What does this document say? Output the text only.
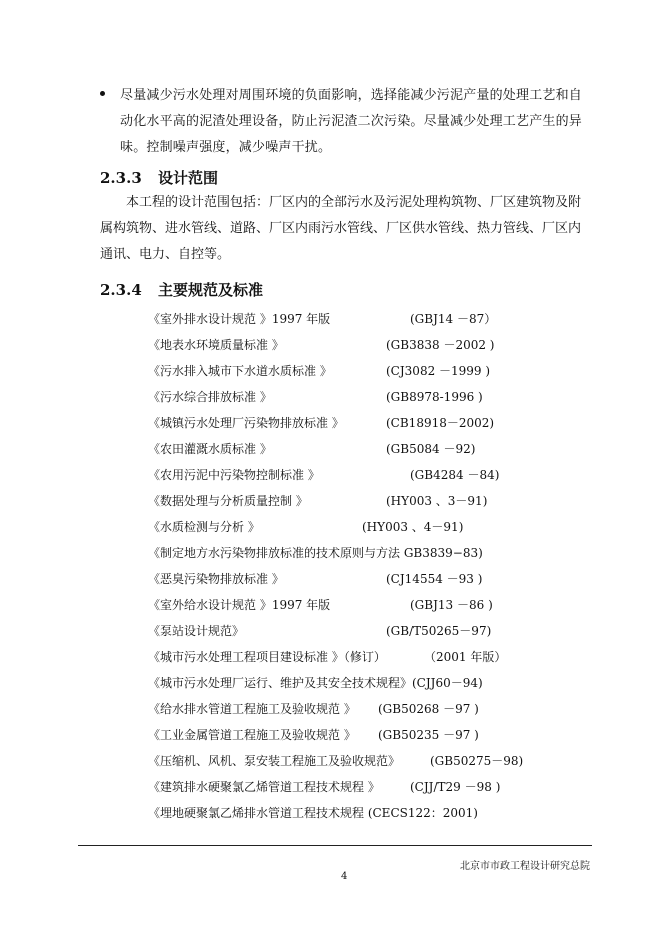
尽量减少污水处理对周围环境的负面影响，选择能减少污泥产量的处理工艺和自动化水平高的泥渣处理设备，防止污泥渣二次污染。尽量减少处理工艺产生的异味。控制噪声强度，减少噪声干扰。
2.3.3 设计范围
本工程的设计范围包括：厂区内的全部污水及污泥处理构筑物、厂区建筑物及附属构筑物、进水管线、道路、厂区内雨污水管线、厂区供水管线、热力管线、厂区内通讯、电力、自控等。
2.3.4 主要规范及标准
《室外排水设计规范 》1997 年版	(GBJ14 －87）
《地表水环境质量标准 》	(GB3838 －2002 )
《污水排入城市下水道水质标准 》	(CJ3082 －1999 )
《污水综合排放标准 》	(GB8978-1996 )
《城镇污水处理厂污染物排放标准 》	(CB18918－2002)
《农田灌溉水质标准 》	(GB5084 －92)
《农用污泥中污染物控制标准 》	(GB4284 －84)
《数据处理与分析质量控制 》	(HY003 、3－91)
《水质检测与分析 》	(HY003 、4－91)
《制定地方水污染物排放标准的技术原则与方法 GB3839−83)
《恶臭污染物排放标准 》	(CJ14554 －93 )
《室外给水设计规范 》1997 年版	(GBJ13 －86 )
《泵站设计规范》	(GB/T50265－97)
《城市污水处理工程项目建设标准 》（修订）	（2001 年版）
《城市污水处理厂运行、维护及其安全技术规程》(CJJ60－94)
《给水排水管道工程施工及验收规范 》 (GB50268 －97 )
《工业金属管道工程施工及验收规范 》 (GB50235 －97 )
《压缩机、风机、泵安装工程施工及验收规范》 (GB50275－98)
《建筑排水硬聚氯乙烯管道工程技术规程 》	(CJJ/T29 －98 )
《埋地硬聚氯乙烯排水管道工程技术规程 (CECS122：2001)
北京市市政工程设计研究总院
4
